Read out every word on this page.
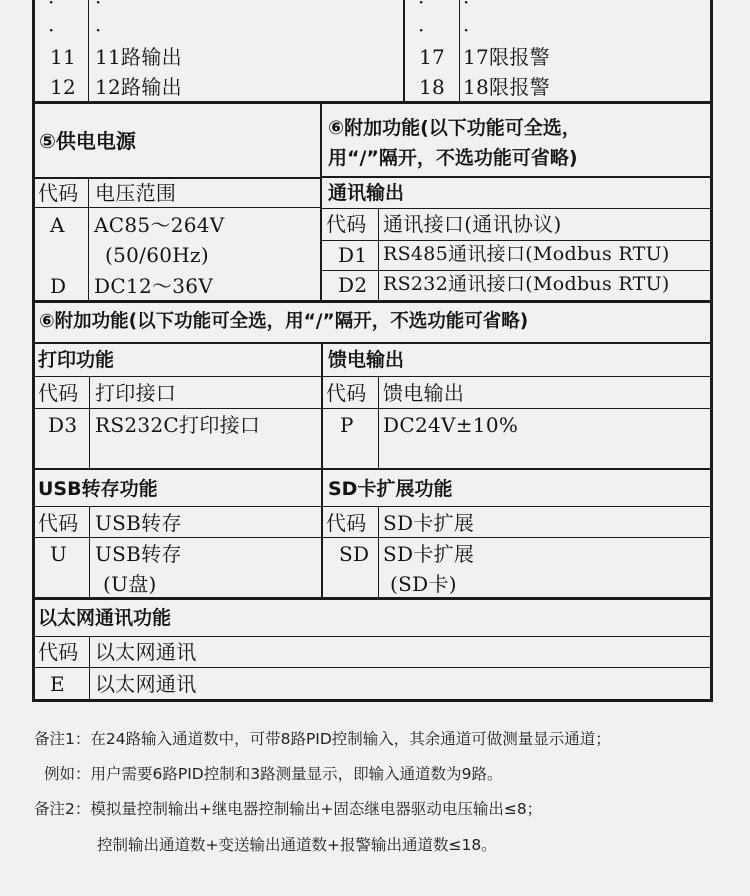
· ·
· ·
11 11路输出
12 12路输出
· ·
· ·
17 17限报警
18 18限报警
⑤供电电源
代码 电压范围
A AC85～264V
(50/60Hz)
D DC12～36V
⑥附加功能(以下功能可全选，
用“/”隔开，不选功能可省略)
通讯输出
代码 通讯接口(通讯协议)
D1 RS485通讯接口(Modbus RTU)
D2 RS232通讯接口(Modbus RTU)
⑥附加功能(以下功能可全选，用“/”隔开，不选功能可省略)
打印功能
代码 打印接口
D3 RS232C打印接口
馈电输出
代码 馈电输出
P DC24V±10%
USB转存功能
代码 USB转存
U USB转存
(U盘)
SD卡扩展功能
代码 SD卡扩展
SD SD卡扩展
(SD卡)
以太网通讯功能
代码 以太网通讯
E 以太网通讯
备注1：在24路输入通道数中，可带8路PID控制输入，其余通道可做测量显示通道；
例如：用户需要6路PID控制和3路测量显示，即输入通道数为9路。
备注2：模拟量控制输出+继电器控制输出+固态继电器驱动电压输出≤8；
控制输出通道数+变送输出通道数+报警输出通道数≤18。
